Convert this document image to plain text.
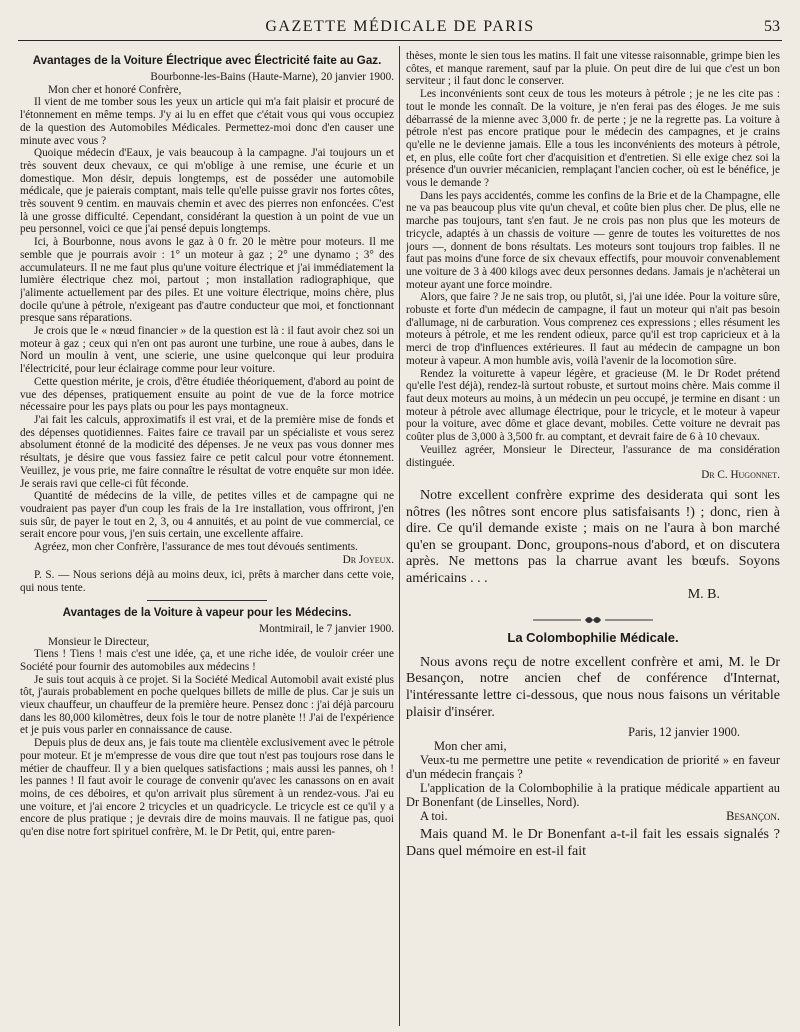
GAZETTE MÉDICALE DE PARIS	53
Avantages de la Voiture Électrique avec Électricité faite au Gaz.

Bourbonne-les-Bains (Haute-Marne), 20 janvier 1900.

Mon cher et honoré Confrère,

Il vient de me tomber sous les yeux un article qui m'a fait plaisir et procuré de l'étonnement en même temps. J'y ai lu en effet que c'était vous qui vous occupiez de la question des Automobiles Médicales. Permettez-moi donc d'en causer une minute avec vous ?

Quoique médecin d'Eaux, je vais beaucoup à la campagne. J'ai toujours un et très souvent deux chevaux, ce qui m'oblige à une remise, une écurie et un domestique. Mon désir, depuis longtemps, est de posséder une automobile médicale, que je paierais comptant, mais telle qu'elle puisse gravir nos fortes côtes, très souvent 9 centim. en mauvais chemin et avec des pierres non enfoncées. C'est là une grosse difficulté. Cependant, considérant la question à un point de vue un peu personnel, voici ce que j'ai pensé depuis longtemps.

Ici, à Bourbonne, nous avons le gaz à 0 fr. 20 le mètre pour moteurs. Il me semble que je pourrais avoir : 1° un moteur à gaz ; 2° une dynamo ; 3° des accumulateurs. Il ne me faut plus qu'une voiture électrique et j'ai immédiatement la lumière électrique chez moi, partout ; mon installation radiographique, que j'alimente actuellement par des piles. Et une voiture électrique, moins chère, plus docile qu'une à pétrole, n'exigeant pas d'autre conducteur que moi, et fonctionnant presque sans réparations.

Je crois que le « nœud financier » de la question est là : il faut avoir chez soi un moteur à gaz ; ceux qui n'en ont pas auront une turbine, une roue à aubes, dans le Nord un moulin à vent, une scierie, une usine quelconque qui leur produira l'électricité, pour leur éclairage comme pour leur voiture.

Cette question mérite, je crois, d'être étudiée théoriquement, d'abord au point de vue des dépenses, pratiquement ensuite au point de vue de la force motrice nécessaire pour les pays plats ou pour les pays montagneux.

J'ai fait les calculs, approximatifs il est vrai, et de la première mise de fonds et des dépenses quotidiennes. Faites faire ce travail par un spécialiste et vous serez absolument étonné de la modicité des dépenses. Je ne veux pas vous donner mes résultats, je désire que vous fassiez faire ce petit calcul pour votre étonnement. Veuillez, je vous prie, me faire connaître le résultat de votre enquête sur mon idée. Je serais ravi que celle-ci fût féconde.

Quantité de médecins de la ville, de petites villes et de campagne qui ne voudraient pas payer d'un coup les frais de la 1re installation, vous offriront, j'en suis sûr, de payer le tout en 2, 3, ou 4 annuités, et au point de vue commercial, ce serait encore pour vous, j'en suis certain, une excellente affaire.

Agréez, mon cher Confrère, l'assurance de mes tout dévoués sentiments.

Dr Joyeux.

P. S. — Nous serions déjà au moins deux, ici, prêts à marcher dans cette voie, qui nous tente.

Avantages de la Voiture à vapeur pour les Médecins.

Montmirail, le 7 janvier 1900.

Monsieur le Directeur,

Tiens ! Tiens ! mais c'est une idée, ça, et une riche idée, de vouloir créer une Société pour fournir des automobiles aux médecins !

Je suis tout acquis à ce projet. Si la Société Medical Automobil avait existé plus tôt, j'aurais probablement en poche quelques billets de mille de plus. Car je suis un vieux chauffeur, un chauffeur de la première heure. Pensez donc : j'ai déjà parcouru dans les 80,000 kilomètres, deux fois le tour de notre planète !! J'ai de l'expérience et je puis vous parler en connaissance de cause.

Depuis plus de deux ans, je fais toute ma clientèle exclusivement avec le pétrole pour moteur. Et je m'empresse de vous dire que tout n'est pas toujours rose dans le métier de chauffeur. Il y a bien quelques satisfactions ; mais aussi les pannes, oh ! les pannes ! Il faut avoir le courage de convenir qu'avec les canassons on en avait moins, de ces déboires, et qu'on arrivait plus sûrement à un rendez-vous. J'ai eu une voiture, et j'ai encore 2 tricycles et un quadricycle. Le tricycle est ce qu'il y a encore de plus pratique ; je devrais dire de moins mauvais. Il ne fatigue pas, quoi qu'en dise notre fort spirituel confrère, M. le Dr Petit, qui, entre paren-

thèses, monte le sien tous les matins. Il fait une vitesse raisonnable, grimpe bien les côtes, et manque rarement, sauf par la pluie. On peut dire de lui que c'est un bon serviteur ; il faut donc le conserver.

Les inconvénients sont ceux de tous les moteurs à pétrole ; je ne les cite pas : tout le monde les connaît. De la voiture, je n'en ferai pas des éloges. Je me suis débarrassé de la mienne avec 3,000 fr. de perte ; je ne la regrette pas. La voiture à pétrole n'est pas encore pratique pour le médecin des campagnes, et je crains qu'elle ne le devienne jamais. Elle a tous les inconvénients des moteurs à pétrole, et, en plus, elle coûte fort cher d'acquisition et d'entretien. Si elle exige chez soi la présence d'un ouvrier mécanicien, remplaçant l'ancien cocher, où est le bénéfice, je vous le demande ?

Dans les pays accidentés, comme les confins de la Brie et de la Champagne, elle ne va pas beaucoup plus vite qu'un cheval, et coûte bien plus cher. De plus, elle ne marche pas toujours, tant s'en faut. Je ne crois pas non plus que les moteurs de tricycle, adaptés à un chassis de voiture — genre de toutes les voiturettes de nos jours —, donnent de bons résultats. Les moteurs sont toujours trop faibles. Il ne faut pas moins d'une force de six chevaux effectifs, pour mouvoir convenablement une voiture de 3 à 400 kilogs avec deux personnes dedans. Jamais je n'achèterai un moteur ayant une force moindre.

Alors, que faire ? Je ne sais trop, ou plutôt, si, j'ai une idée. Pour la voiture sûre, robuste et forte d'un médecin de campagne, il faut un moteur qui n'ait pas besoin d'allumage, ni de carburation. Vous comprenez ces expressions ; elles résument les moteurs à pétrole, et me les rendent odieux, parce qu'il est trop capricieux et à la merci de trop d'influences extérieures. Il faut au médecin de campagne un bon moteur à vapeur. A mon humble avis, voilà l'avenir de la locomotion sûre.

Rendez la voiturette à vapeur légère, et gracieuse (M. le Dr Rodet prétend qu'elle l'est déjà), rendez-là surtout robuste, et surtout moins chère. Mais comme il faut deux moteurs au moins, à un médecin un peu occupé, je termine en disant : un moteur à pétrole avec allumage électrique, pour le tricycle, et le moteur à vapeur pour la voiture, avec dôme et glace devant, mobiles. Cette voiture ne devrait pas coûter plus de 3,000 à 3,500 fr. au comptant, et devrait faire de 6 à 10 chevaux.

Veuillez agréer, Monsieur le Directeur, l'assurance de ma considération distinguée.

Dr C. Hugonnet.

Notre excellent confrère exprime des desiderata qui sont les nôtres (les nôtres sont encore plus satisfaisants !) ; donc, rien à dire. Ce qu'il demande existe ; mais on ne l'aura à bon marché qu'en se groupant. Donc, groupons-nous d'abord, et on discutera après. Ne mettons pas la charrue avant les bœufs. Soyons américains . . .

M. B.

La Colombophilie Médicale.

Nous avons reçu de notre excellent confrère et ami, M. le Dr Besançon, notre ancien chef de conférence d'Internat, l'intéressante lettre ci-dessous, que nous nous faisons un véritable plaisir d'insérer.

Paris, 12 janvier 1900.

Mon cher ami,

Veux-tu me permettre une petite « revendication de priorité » en faveur d'un médecin français ?

L'application de la Colombophilie à la pratique médicale appartient au Dr Bonenfant (de Linselles, Nord).

A toi.	Besançon.

Mais quand M. le Dr Bonenfant a-t-il fait les essais signalés ? Dans quel mémoire en est-il fait
